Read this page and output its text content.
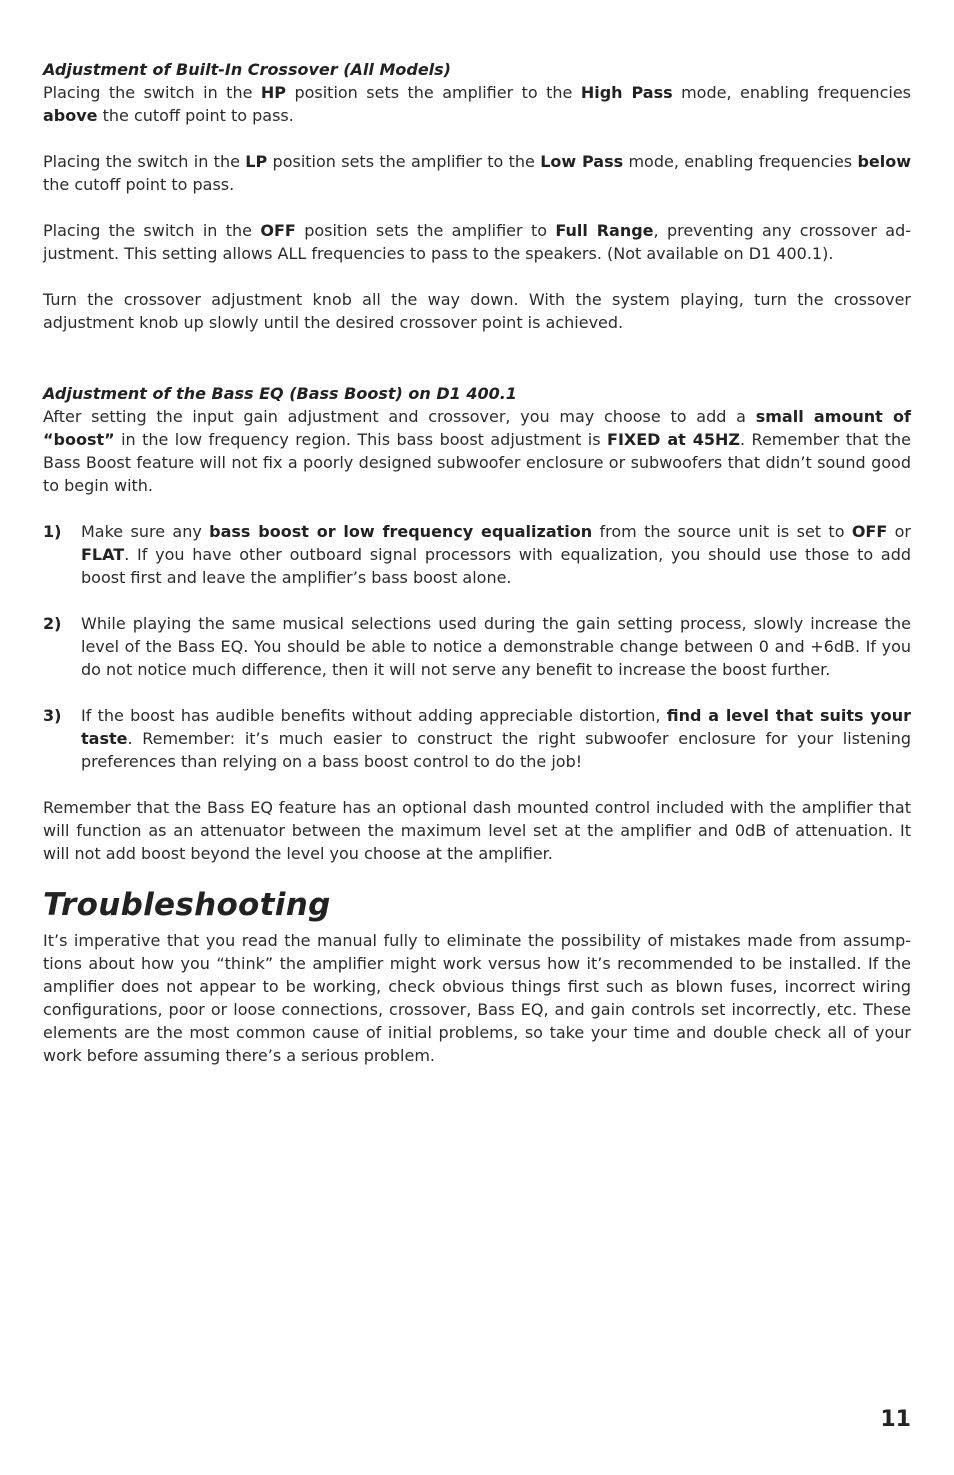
Adjustment of Built-In Crossover (All Models)

Placing the switch in the HP position sets the amplifier to the High Pass mode, enabling frequencies above the cutoff point to pass.

Placing the switch in the LP position sets the amplifier to the Low Pass mode, enabling frequencies below the cutoff point to pass.

Placing the switch in the OFF position sets the amplifier to Full Range, preventing any crossover ad-justment. This setting allows ALL frequencies to pass to the speakers. (Not available on D1 400.1).

Turn the crossover adjustment knob all the way down. With the system playing, turn the crossover adjustment knob up slowly until the desired crossover point is achieved.

Adjustment of the Bass EQ (Bass Boost) on D1 400.1

After setting the input gain adjustment and crossover, you may choose to add a small amount of “boost” in the low frequency region. This bass boost adjustment is FIXED at 45HZ. Remember that the Bass Boost feature will not fix a poorly designed subwoofer enclosure or subwoofers that didn’t sound good to begin with.

1) Make sure any bass boost or low frequency equalization from the source unit is set to OFF or FLAT. If you have other outboard signal processors with equalization, you should use those to add boost first and leave the amplifier’s bass boost alone.
2) While playing the same musical selections used during the gain setting process, slowly increase the level of the Bass EQ. You should be able to notice a demonstrable change between 0 and +6dB. If you do not notice much difference, then it will not serve any benefit to increase the boost further.
3) If the boost has audible benefits without adding appreciable distortion, find a level that suits your taste. Remember: it’s much easier to construct the right subwoofer enclosure for your listening preferences than relying on a bass boost control to do the job!

Remember that the Bass EQ feature has an optional dash mounted control included with the amplifier that will function as an attenuator between the maximum level set at the amplifier and 0dB of attenuation. It will not add boost beyond the level you choose at the amplifier.

Troubleshooting

It’s imperative that you read the manual fully to eliminate the possibility of mistakes made from assump-tions about how you “think” the amplifier might work versus how it’s recommended to be installed. If the amplifier does not appear to be working, check obvious things first such as blown fuses, incorrect wiring configurations, poor or loose connections, crossover, Bass EQ, and gain controls set incorrectly, etc. These elements are the most common cause of initial problems, so take your time and double check all of your work before assuming there’s a serious problem.

11
